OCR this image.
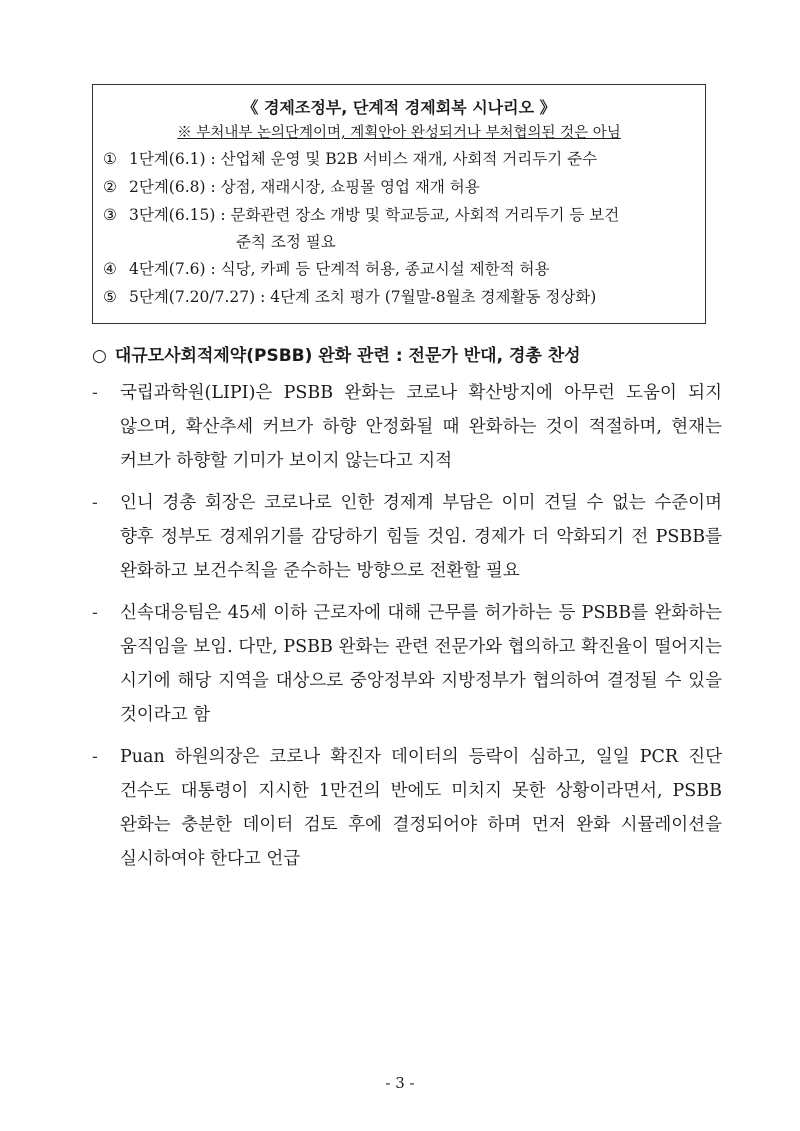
《 경제조정부, 단계적 경제회복 시나리오 》
※ 부처내부 논의단계이며, 계획안아 완성되거나 부처협의된 것은 아님
① 1단계(6.1) : 산업체 운영 및 B2B 서비스 재개, 사회적 거리두기 준수
② 2단계(6.8) : 상점, 재래시장, 쇼핑몰 영업 재개 허용
③ 3단계(6.15) : 문화관련 장소 개방 및 학교등교, 사회적 거리두기 등 보건
준칙 조정 필요
④ 4단계(7.6) : 식당, 카페 등 단계적 허용, 종교시설 제한적 허용
⑤ 5단계(7.20/7.27) : 4단계 조치 평가 (7월말-8월초 경제활동 정상화)
○ 대규모사회적제약(PSBB) 완화 관련 : 전문가 반대, 경총 찬성
-	국립과학원(LIPI)은 PSBB 완화는 코로나 확산방지에 아무런 도움이 되지 않으며, 확산추세 커브가 하향 안정화될 때 완화하는 것이 적절하며, 현재는 커브가 하향할 기미가 보이지 않는다고 지적
-	인니 경총 회장은 코로나로 인한 경제계 부담은 이미 견딜 수 없는 수준이며 향후 정부도 경제위기를 감당하기 힘들 것임. 경제가 더 악화되기 전 PSBB를 완화하고 보건수칙을 준수하는 방향으로 전환할 필요
-	신속대응팀은 45세 이하 근로자에 대해 근무를 허가하는 등 PSBB를 완화하는 움직임을 보임. 다만, PSBB 완화는 관련 전문가와 협의하고 확진율이 떨어지는 시기에 해당 지역을 대상으로 중앙정부와 지방정부가 협의하여 결정될 수 있을 것이라고 함
-	Puan 하원의장은 코로나 확진자 데이터의 등락이 심하고, 일일 PCR 진단 건수도 대통령이 지시한 1만건의 반에도 미치지 못한 상황이라면서, PSBB 완화는 충분한 데이터 검토 후에 결정되어야 하며 먼저 완화 시뮬레이션을 실시하여야 한다고 언급
- 3 -
